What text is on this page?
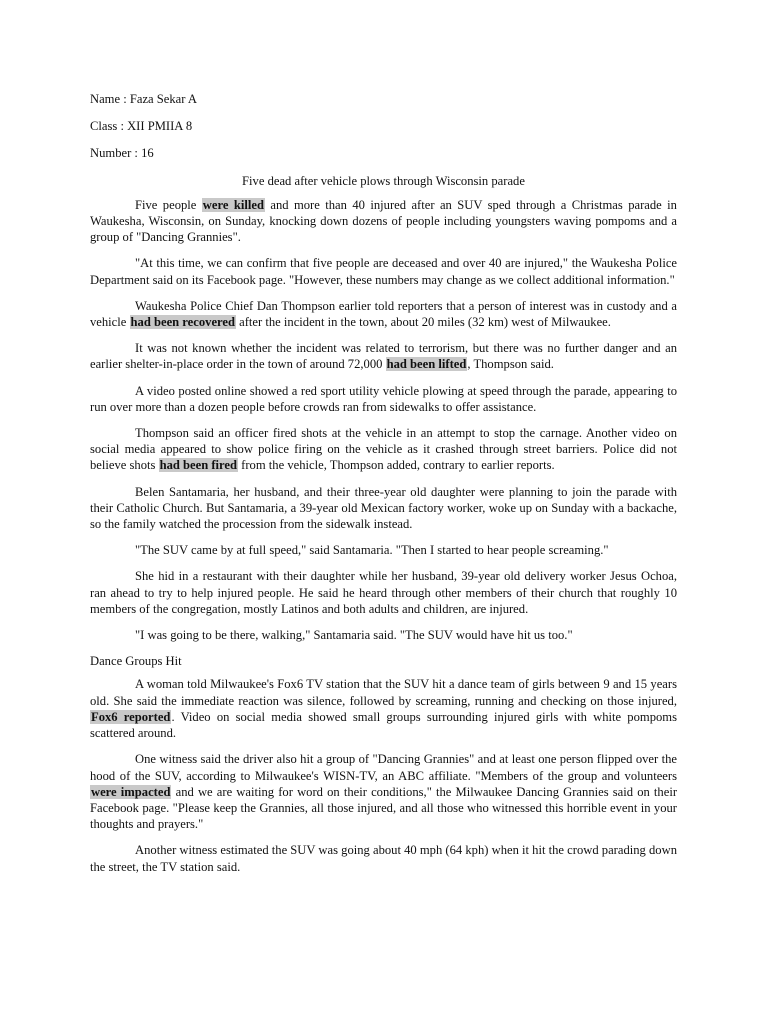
Name : Faza Sekar A
Class : XII PMIIA 8
Number : 16
Five dead after vehicle plows through Wisconsin parade

Five people were killed and more than 40 injured after an SUV sped through a Christmas parade in Waukesha, Wisconsin, on Sunday, knocking down dozens of people including youngsters waving pompoms and a group of "Dancing Grannies".

"At this time, we can confirm that five people are deceased and over 40 are injured," the Waukesha Police Department said on its Facebook page. "However, these numbers may change as we collect additional information."

Waukesha Police Chief Dan Thompson earlier told reporters that a person of interest was in custody and a vehicle had been recovered after the incident in the town, about 20 miles (32 km) west of Milwaukee.

It was not known whether the incident was related to terrorism, but there was no further danger and an earlier shelter-in-place order in the town of around 72,000 had been lifted, Thompson said.

A video posted online showed a red sport utility vehicle plowing at speed through the parade, appearing to run over more than a dozen people before crowds ran from sidewalks to offer assistance.

Thompson said an officer fired shots at the vehicle in an attempt to stop the carnage. Another video on social media appeared to show police firing on the vehicle as it crashed through street barriers. Police did not believe shots had been fired from the vehicle, Thompson added, contrary to earlier reports.

Belen Santamaria, her husband, and their three-year old daughter were planning to join the parade with their Catholic Church. But Santamaria, a 39-year old Mexican factory worker, woke up on Sunday with a backache, so the family watched the procession from the sidewalk instead.

"The SUV came by at full speed," said Santamaria. "Then I started to hear people screaming."

She hid in a restaurant with their daughter while her husband, 39-year old delivery worker Jesus Ochoa, ran ahead to try to help injured people. He said he heard through other members of their church that roughly 10 members of the congregation, mostly Latinos and both adults and children, are injured.

"I was going to be there, walking," Santamaria said. "The SUV would have hit us too."

Dance Groups Hit

A woman told Milwaukee's Fox6 TV station that the SUV hit a dance team of girls between 9 and 15 years old. She said the immediate reaction was silence, followed by screaming, running and checking on those injured, Fox6 reported. Video on social media showed small groups surrounding injured girls with white pompoms scattered around.

One witness said the driver also hit a group of "Dancing Grannies" and at least one person flipped over the hood of the SUV, according to Milwaukee's WISN-TV, an ABC affiliate. "Members of the group and volunteers were impacted and we are waiting for word on their conditions," the Milwaukee Dancing Grannies said on their Facebook page. "Please keep the Grannies, all those injured, and all those who witnessed this horrible event in your thoughts and prayers."

Another witness estimated the SUV was going about 40 mph (64 kph) when it hit the crowd parading down the street, the TV station said.
